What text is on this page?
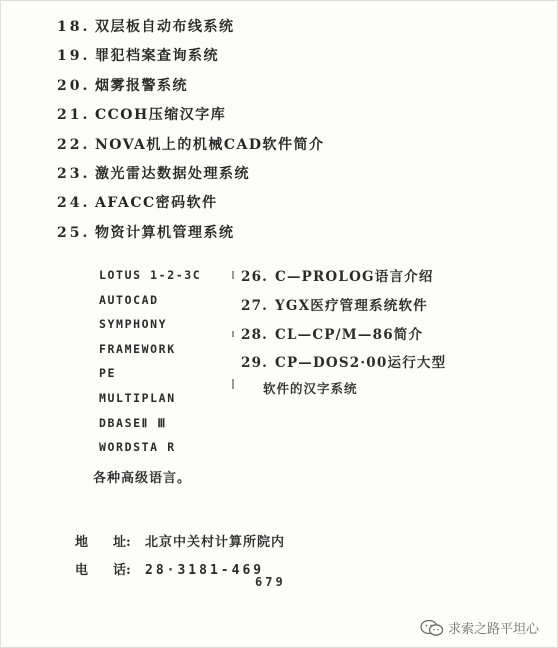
18. 双层板自动布线系统
19. 罪犯档案查询系统
20. 烟雾报警系统
21. CCOH压缩汉字库
22. NOVA机上的机械CAD软件简介
23. 激光雷达数据处理系统
24. AFACC密码软件
25. 物资计算机管理系统
LOTUS 1-2-3C
AUTOCAD
SYMPHONY
FRAMEWORK
PE
MULTIPLAN
DBASEⅡ Ⅲ
WORDSTA R
各种高级语言。
26. C—PROLOG语言介绍
27. YGX医疗管理系统软件
28. CL—CP/M—86简介
29. CP—DOS2·00运行大型
软件的汉字系统
地 址: 北京中关村计算所院内
电 话: 28·3181-469
679
求索之路平坦心
